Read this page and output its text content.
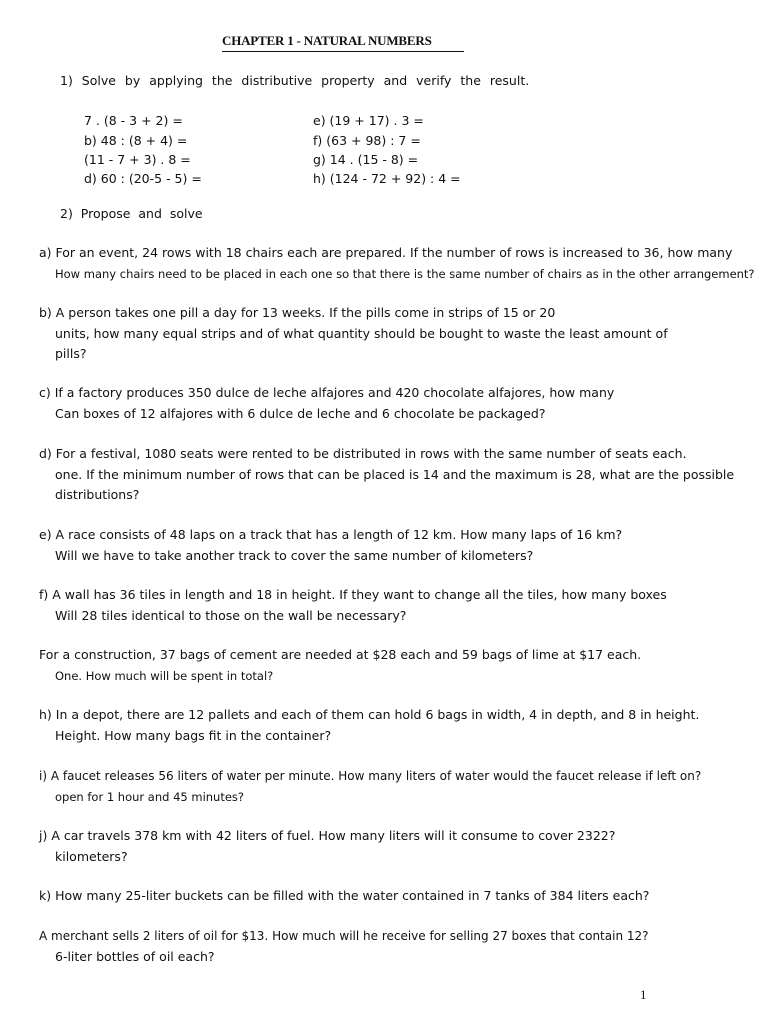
CHAPTER 1 - NATURAL NUMBERS
1) Solve by applying the distributive property and verify the result.
7 . (8 - 3 + 2) =
b) 48 : (8 + 4) =
(11 - 7 + 3) . 8 =
d) 60 : (20-5 - 5) =
e) (19 + 17) . 3 =
f) (63 + 98) : 7 =
g) 14 . (15 - 8) =
h) (124 - 72 + 92) : 4 =
2) Propose and solve
a) For an event, 24 rows with 18 chairs each are prepared. If the number of rows is increased to 36, how many
How many chairs need to be placed in each one so that there is the same number of chairs as in the other arrangement?
b) A person takes one pill a day for 13 weeks. If the pills come in strips of 15 or 20
units, how many equal strips and of what quantity should be bought to waste the least amount of
pills?
c) If a factory produces 350 dulce de leche alfajores and 420 chocolate alfajores, how many
Can boxes of 12 alfajores with 6 dulce de leche and 6 chocolate be packaged?
d) For a festival, 1080 seats were rented to be distributed in rows with the same number of seats each.
one. If the minimum number of rows that can be placed is 14 and the maximum is 28, what are the possible
distributions?
e) A race consists of 48 laps on a track that has a length of 12 km. How many laps of 16 km?
Will we have to take another track to cover the same number of kilometers?
f) A wall has 36 tiles in length and 18 in height. If they want to change all the tiles, how many boxes
Will 28 tiles identical to those on the wall be necessary?
For a construction, 37 bags of cement are needed at $28 each and 59 bags of lime at $17 each.
One. How much will be spent in total?
h) In a depot, there are 12 pallets and each of them can hold 6 bags in width, 4 in depth, and 8 in height.
Height. How many bags fit in the container?
i) A faucet releases 56 liters of water per minute. How many liters of water would the faucet release if left on?
open for 1 hour and 45 minutes?
j) A car travels 378 km with 42 liters of fuel. How many liters will it consume to cover 2322?
kilometers?
k) How many 25-liter buckets can be filled with the water contained in 7 tanks of 384 liters each?
A merchant sells 2 liters of oil for $13. How much will he receive for selling 27 boxes that contain 12?
6-liter bottles of oil each?
1
